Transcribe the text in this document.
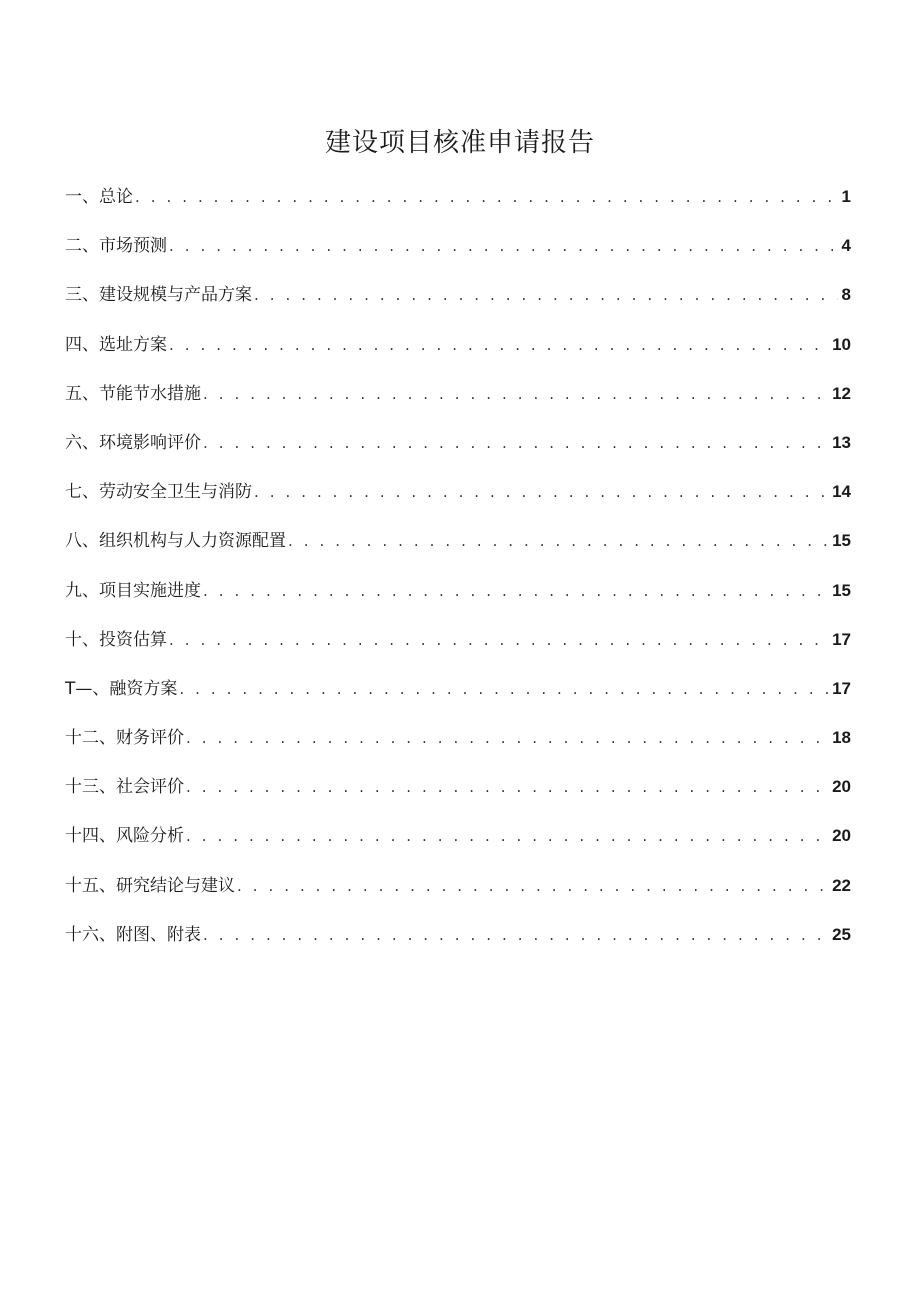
建设项目核准申请报告
一、总论 . . .	1
二、市场预测 . . .	4
三、建设规模与产品方案 . . .	8
四、选址方案 . . .	10
五、节能节水措施 . . .	12
六、环境影响评价 . . .	13
七、劳动安全卫生与消防 . . .	14
八、组织机构与人力资源配置 . . .	15
九、项目实施进度 . . .	15
十、投资估算 . . .	17
T—、融资方案 . . .	17
十二、财务评价 . . .	18
十三、社会评价 . . .	20
十四、风险分析 . . .	20
十五、研究结论与建议 . . .	22
十六、附图、附表 . . .	25
